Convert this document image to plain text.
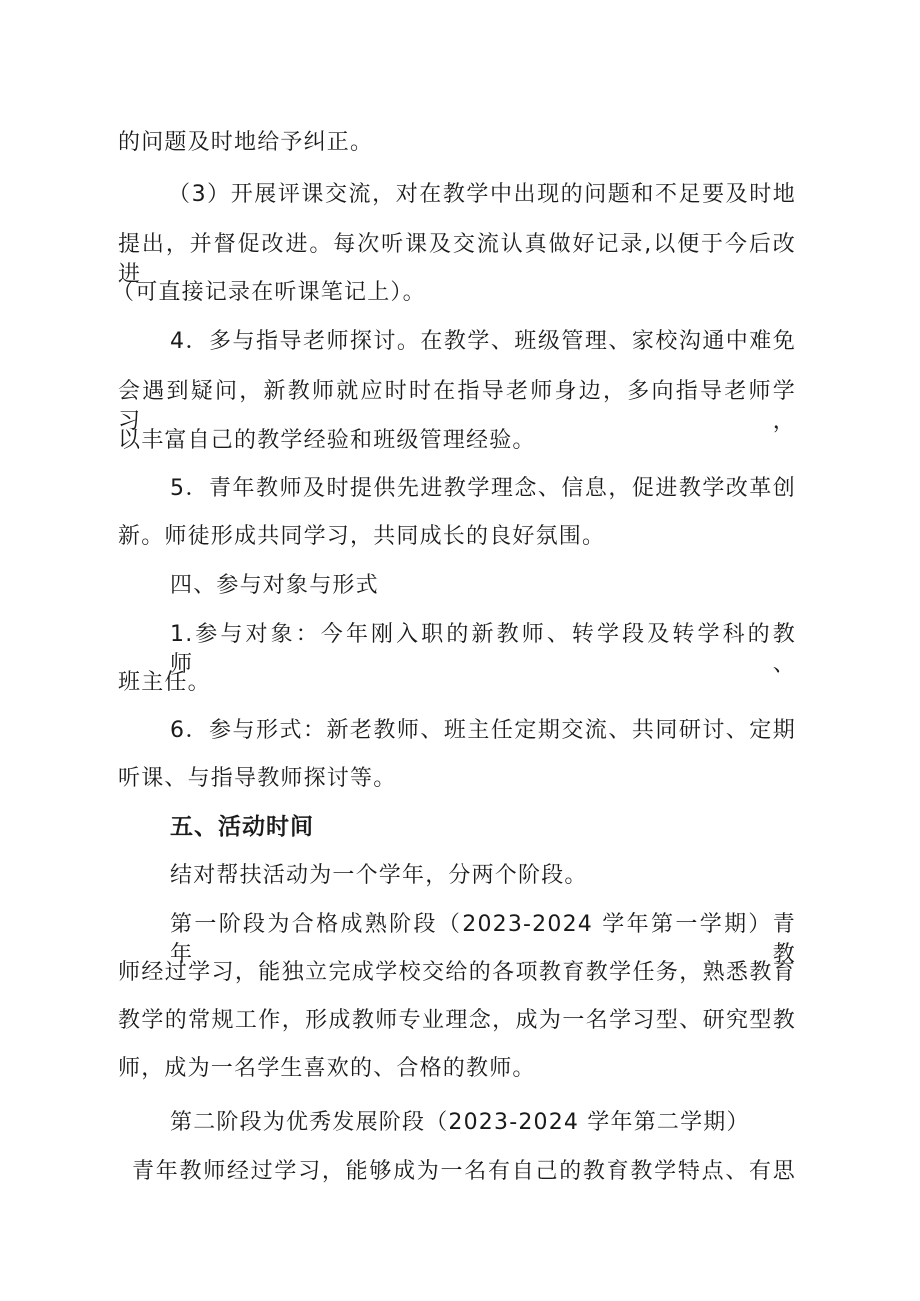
的问题及时地给予纠正。
（3）开展评课交流，对在教学中出现的问题和不足要及时地
提出，并督促改进。每次听课及交流认真做好记录,以便于今后改进
（可直接记录在听课笔记上）。
4．多与指导老师探讨。在教学、班级管理、家校沟通中难免
会遇到疑问，新教师就应时时在指导老师身边，多向指导老师学习，
以丰富自己的教学经验和班级管理经验。
5．青年教师及时提供先进教学理念、信息，促进教学改革创
新。师徒形成共同学习，共同成长的良好氛围。
四、参与对象与形式
1.参与对象：今年刚入职的新教师、转学段及转学科的教师、
班主任。
6．参与形式：新老教师、班主任定期交流、共同研讨、定期
听课、与指导教师探讨等。
五、活动时间
结对帮扶活动为一个学年，分两个阶段。
第一阶段为合格成熟阶段（2023-2024 学年第一学期）青年教
师经过学习，能独立完成学校交给的各项教育教学任务，熟悉教育
教学的常规工作，形成教师专业理念，成为一名学习型、研究型教
师，成为一名学生喜欢的、合格的教师。
第二阶段为优秀发展阶段（2023-2024 学年第二学期）
青年教师经过学习，能够成为一名有自己的教育教学特点、有思
